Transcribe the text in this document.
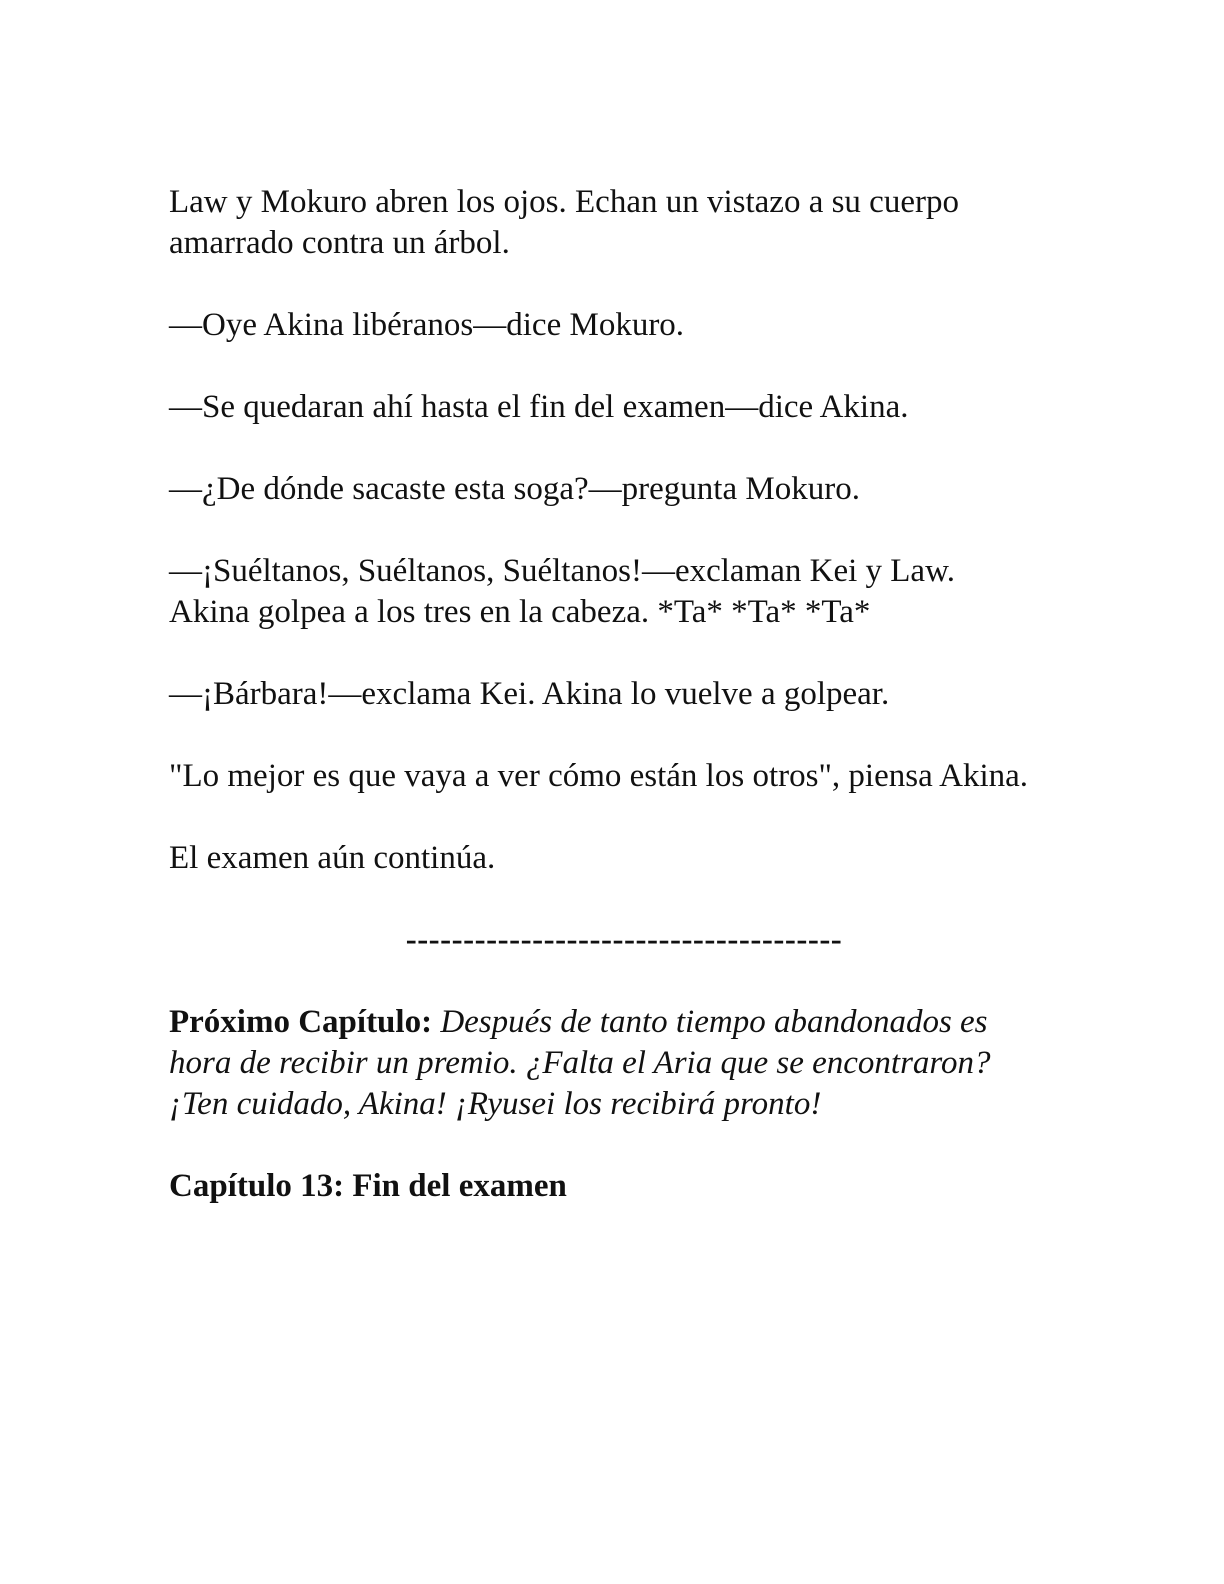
Law y Mokuro abren los ojos. Echan un vistazo a su cuerpo amarrado contra un árbol.

—Oye Akina libéranos—dice Mokuro.

—Se quedaran ahí hasta el fin del examen—dice Akina.

—¿De dónde sacaste esta soga?—pregunta Mokuro.

—¡Suéltanos, Suéltanos, Suéltanos!—exclaman Kei y Law.

Akina golpea a los tres en la cabeza. *Ta* *Ta* *Ta*

—¡Bárbara!—exclama Kei. Akina lo vuelve a golpear.

"Lo mejor es que vaya a ver cómo están los otros", piensa Akina.

El examen aún continúa.

--------------------------------------

Próximo Capítulo: Después de tanto tiempo abandonados es hora de recibir un premio. ¿Falta el Aria que se encontraron? ¡Ten cuidado, Akina! ¡Ryusei los recibirá pronto!

Capítulo 13: Fin del examen
